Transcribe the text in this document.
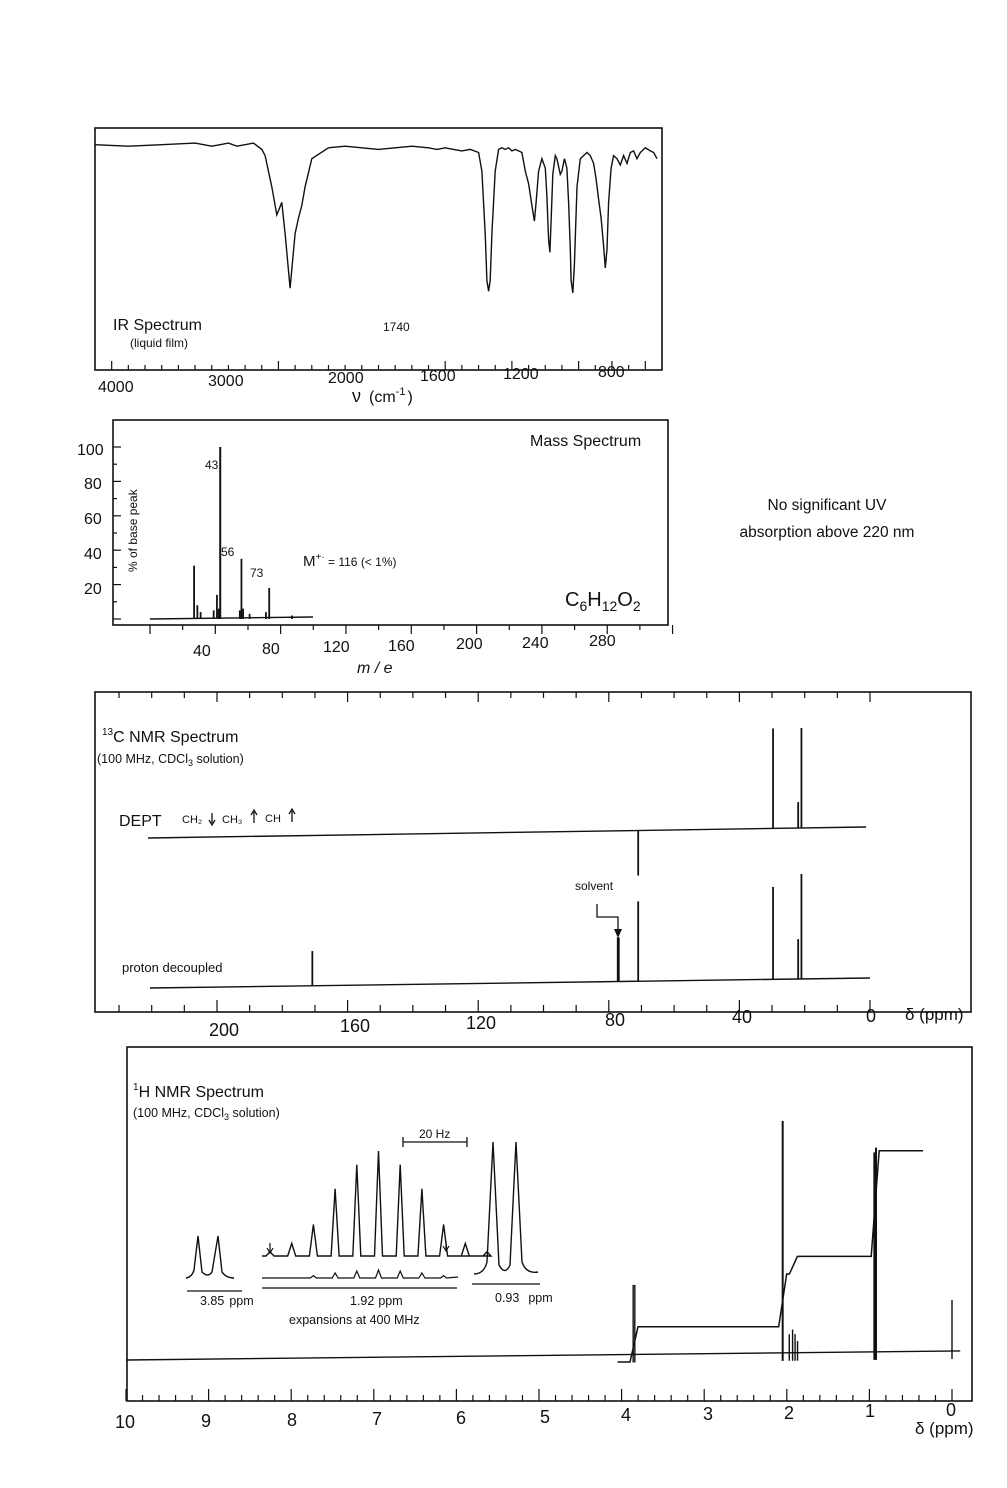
IR Spectrum
(liquid film)
1740
4000	3000	2000	1600	1200	800
ν ($cm^{-1}$ )
Mass Spectrum
43
56
73
M+· $_{= 116 (< 1\%)}$
$C_6H_{12}O_2$
100
80
60
40
20
% of base peak
40	80	120 160	200 240	280
m / e
solvent
$^{13}$C NMR Spectrum
(100 MHz, CDCl$_3$ solution)
DEPT CH₂ CH₃ CH
proton decoupled
200	160	120	80	40	0 δ (ppm)
$^1$H NMR Spectrum
(100 MHz, CDCl$_3$ solution)
20 Hz
3.85 ppm	1.92 ppm	0.93 ppm
expansions at 400 MHz
10	9	8	7	6	5	4	3	2	1	0
δ (ppm)
No significant UV
absorption above 220 nm
